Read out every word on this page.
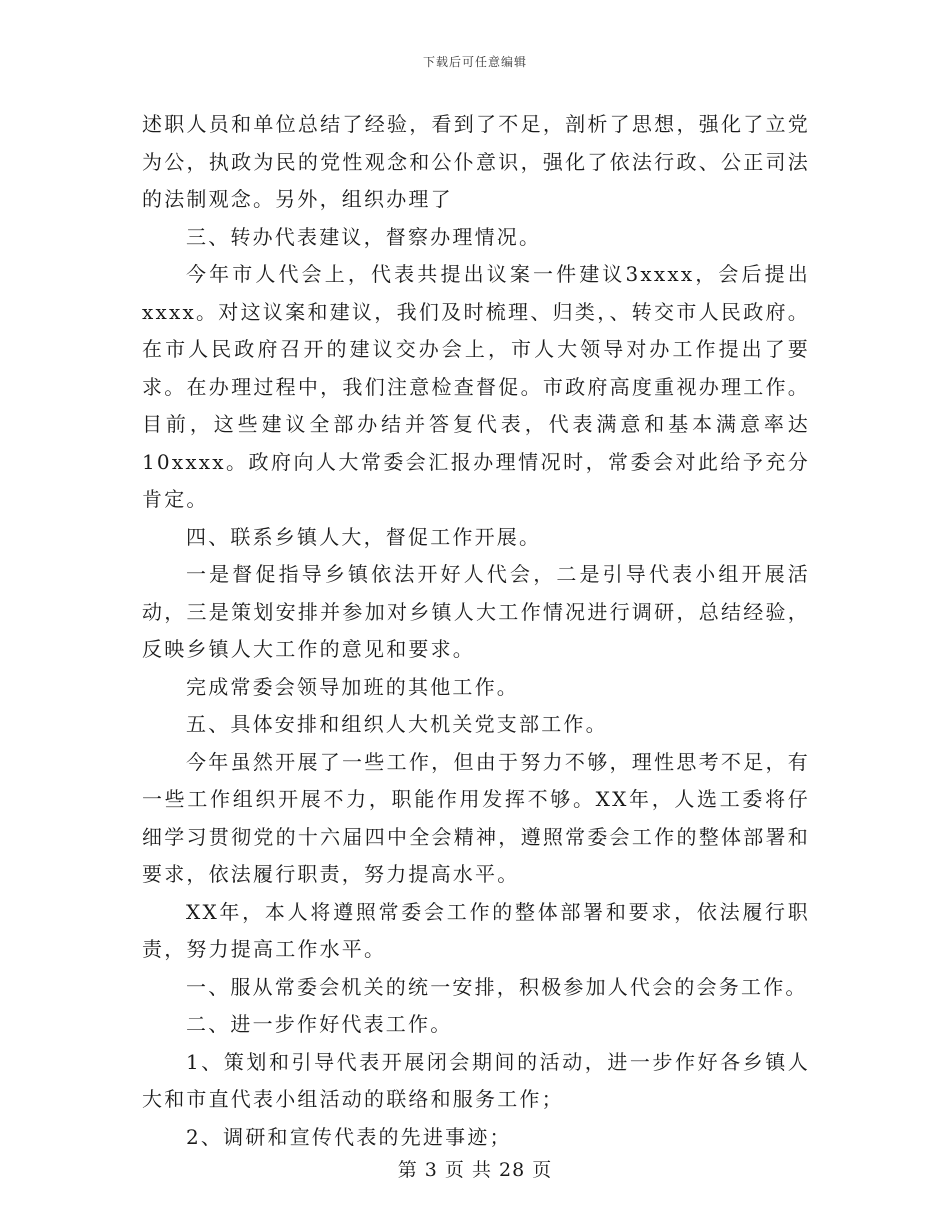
下载后可任意编辑

述职人员和单位总结了经验，看到了不足，剖析了思想，强化了立党为公，执政为民的党性观念和公仆意识，强化了依法行政、公正司法的法制观念。另外，组织办理了

三、转办代表建议，督察办理情况。

今年市人代会上，代表共提出议案一件建议3xxxx，会后提出xxxx。对这议案和建议，我们及时梳理、归类，、转交市人民政府。在市人民政府召开的建议交办会上，市人大领导对办工作提出了要求。在办理过程中，我们注意检查督促。市政府高度重视办理工作。目前，这些建议全部办结并答复代表，代表满意和基本满意率达10xxxx。政府向人大常委会汇报办理情况时，常委会对此给予充分肯定。

四、联系乡镇人大，督促工作开展。

一是督促指导乡镇依法开好人代会，二是引导代表小组开展活动，三是策划安排并参加对乡镇人大工作情况进行调研，总结经验，反映乡镇人大工作的意见和要求。

完成常委会领导加班的其他工作。

五、具体安排和组织人大机关党支部工作。

今年虽然开展了一些工作，但由于努力不够，理性思考不足，有一些工作组织开展不力，职能作用发挥不够。XX年，人选工委将仔细学习贯彻党的十六届四中全会精神，遵照常委会工作的整体部署和要求，依法履行职责，努力提高水平。

XX年，本人将遵照常委会工作的整体部署和要求，依法履行职责，努力提高工作水平。

一、服从常委会机关的统一安排，积极参加人代会的会务工作。

二、进一步作好代表工作。

1、策划和引导代表开展闭会期间的活动，进一步作好各乡镇人大和市直代表小组活动的联络和服务工作；

2、调研和宣传代表的先进事迹；

第 3 页 共 28 页
